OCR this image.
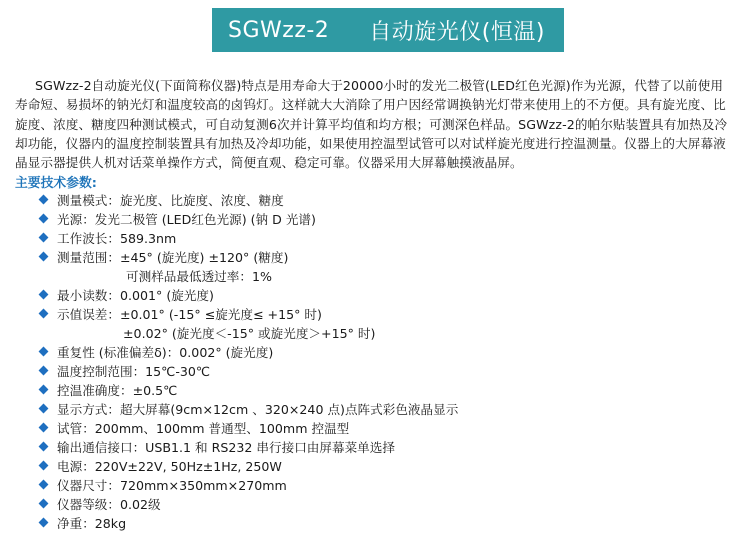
SGWzz-2 自动旋光仪(恒温)

SGWzz-2自动旋光仪(下面简称仪器)特点是用寿命大于20000小时的发光二极管(LED红色光源)作为光源，代替了以前使用寿命短、易损坏的钠光灯和温度较高的卤钨灯。这样就大大消除了用户因经常调换钠光灯带来使用上的不方便。具有旋光度、比旋度、浓度、糖度四种测试模式，可自动复测6次并计算平均值和均方根；可测深色样品。SGWzz-2的帕尔贴装置具有加热及冷却功能，仪器内的温度控制装置具有加热及冷却功能，如果使用控温型试管可以对试样旋光度进行控温测量。仪器上的大屏幕液晶显示器提供人机对话菜单操作方式，简便直观、稳定可靠。仪器采用大屏幕触摸液晶屏。

主要技术参数:
测量模式：旋光度、比旋度、浓度、糖度
光源：发光二极管 (LED红色光源) (钠 D 光谱)
工作波长：589.3nm
测量范围：±45° (旋光度) ±120° (糖度)
可测样品最低透过率：1%
最小读数：0.001° (旋光度)
示值误差：±0.01° (-15° ≤旋光度≤ +15° 时)
±0.02° (旋光度＜-15° 或旋光度＞+15° 时)
重复性 (标准偏差δ)：0.002° (旋光度)
温度控制范围：15℃-30℃
控温准确度：±0.5℃
显示方式：超大屏幕(9cm×12cm 、320×240 点)点阵式彩色液晶显示
试管：200mm、100mm 普通型、100mm 控温型
输出通信接口：USB1.1 和 RS232 串行接口由屏幕菜单选择
电源：220V±22V, 50Hz±1Hz, 250W
仪器尺寸：720mm×350mm×270mm
仪器等级：0.02级
净重：28kg
